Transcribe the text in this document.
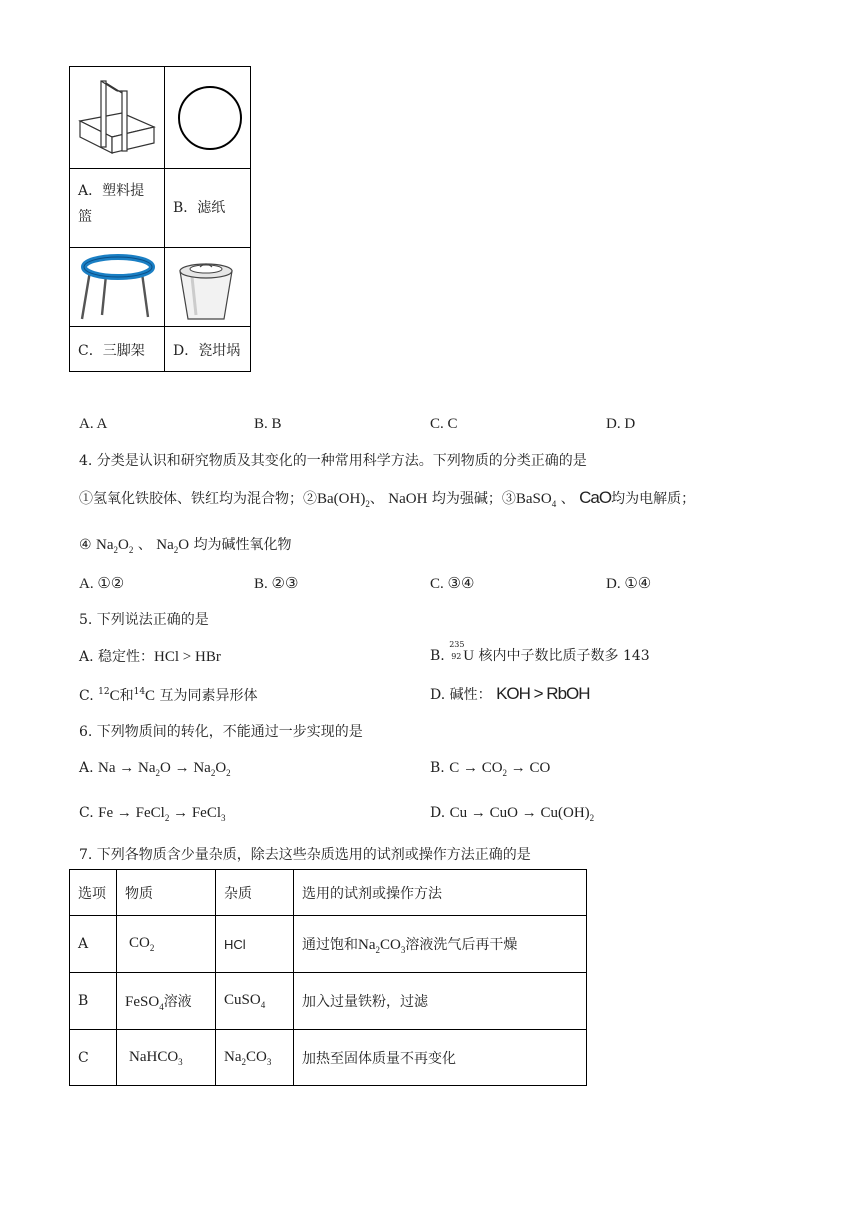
A．塑料提
篮
B．滤纸
C．三脚架 D．瓷坩埚
A. A	B. B	C. C	D. D
4. 分类是认识和研究物质及其变化的一种常用科学方法。下列物质的分类正确的是
①氢氧化铁胶体、铁红均为混合物；$②Ba(OH)_2$、 NaOH 均为强碱；③BaSO$_4$ 、 CaO均为电解质；
④ $Na_2O_2$ 、 $Na_2O$ 均为碱性氧化物
A. ①②	B. ②③	C. ③④	D. ①④
5. 下列说法正确的是
A. 稳定性：HCl > HBr	B.
235
92 U 核内中子数比质子数多 143
C. $^{12}$C和$^{14}$C 互为同素异形体	D. 碱性： KOH > RbOH
6. 下列物质间的转化，不能通过一步实现的是
A. $Na \to Na_2O \to Na_2O_2$	B. $C \to CO_2$ → CO
C. Fe → FeCl$_2$ → FeCl$_3$	D. Cu → CuO → $Cu(OH)_2$
7. 下列各物质含少量杂质，除去这些杂质选用的试剂或操作方法正确的是
选项	物质	杂质	选用的试剂或操作方法
A	$CO_2$	HCl	通过饱和$Na_2CO_3$溶液洗气后再干燥
B	FeSO$_4$溶液	CuSO$_4$	加入过量铁粉，过滤
C	NaHCO$_3$	$Na_2CO_3$	加热至固体质量不再变化
